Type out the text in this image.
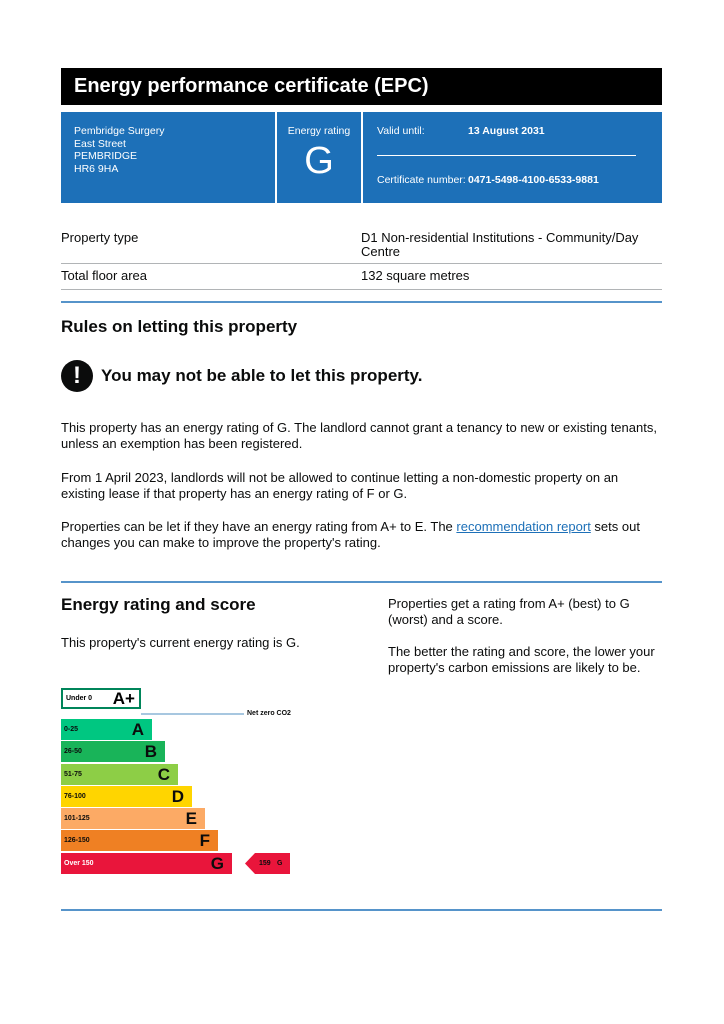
Energy performance certificate (EPC)
Pembridge Surgery
East Street
PEMBRIDGE
HR6 9HA
Energy rating
G
Valid until:	13 August 2031
Certificate number: 0471-5498-4100-6533-9881
Property type	D1 Non-residential Institutions - Community/Day Centre
Total floor area	132 square metres
Rules on letting this property
!	You may not be able to let this property.

This property has an energy rating of G. The landlord cannot grant a tenancy to new or existing tenants, unless an exemption has been registered.

From 1 April 2023, landlords will not be allowed to continue letting a non-domestic property on an existing lease if that property has an energy rating of F or G.

Properties can be let if they have an energy rating from A+ to E. The recommendation report sets out changes you can make to improve the property's rating.

Energy rating and score

This property's current energy rating is G.

Properties get a rating from A+ (best) to G (worst) and a score.

The better the rating and score, the lower your property's carbon emissions are likely to be.

Under 0 A+
Net zero CO2
0-25	A
26-50	B
51-75	C
76-100	D
101-125	E
126-150	F
Over 150	G	159 G
